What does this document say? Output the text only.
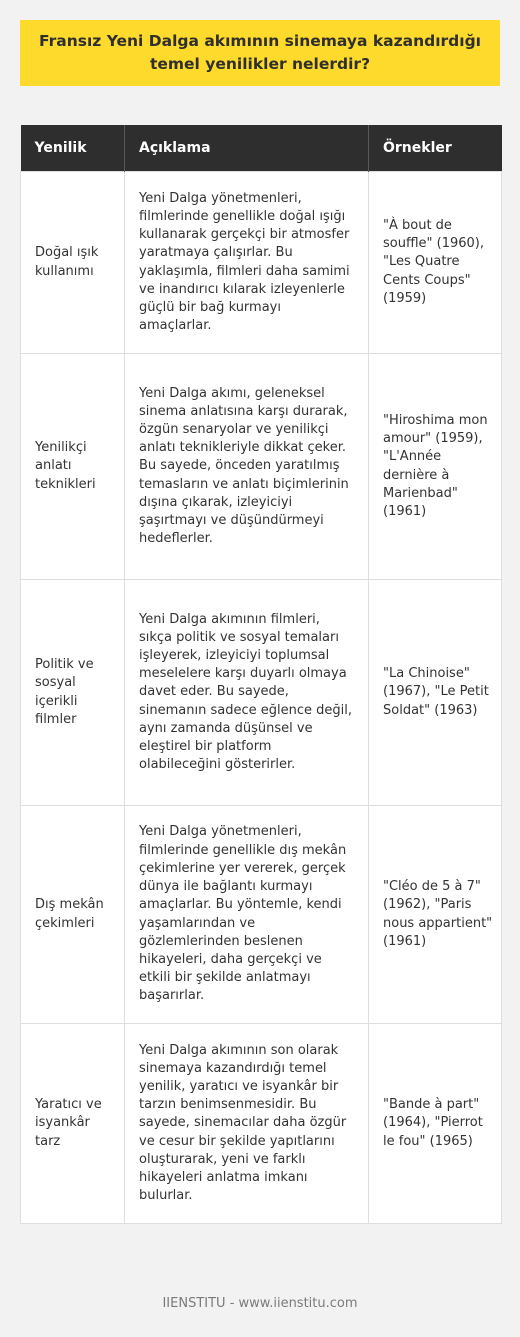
Fransız Yeni Dalga akımının sinemaya kazandırdığı temel yenilikler nelerdir?
Yenilik	Açıklama	Örnekler
Doğal ışık kullanımı	Yeni Dalga yönetmenleri, filmlerinde genellikle doğal ışığı kullanarak gerçekçi bir atmosfer yaratmaya çalışırlar. Bu yaklaşımla, filmleri daha samimi ve inandırıcı kılarak izleyenlerle güçlü bir bağ kurmayı amaçlarlar.	"À bout de souffle" (1960), "Les Quatre Cents Coups" (1959)
Yenilikçi anlatı teknikleri	Yeni Dalga akımı, geleneksel sinema anlatısına karşı durarak, özgün senaryolar ve yenilikçi anlatı teknikleriyle dikkat çeker. Bu sayede, önceden yaratılmış temasların ve anlatı biçimlerinin dışına çıkarak, izleyiciyi şaşırtmayı ve düşündürmeyi hedeflerler.	"Hiroshima mon amour" (1959), "L'Année dernière à Marienbad" (1961)
Politik ve sosyal içerikli filmler	Yeni Dalga akımının filmleri, sıkça politik ve sosyal temaları işleyerek, izleyiciyi toplumsal meselelere karşı duyarlı olmaya davet eder. Bu sayede, sinemanın sadece eğlence değil, aynı zamanda düşünsel ve eleştirel bir platform olabileceğini gösterirler.	"La Chinoise" (1967), "Le Petit Soldat" (1963)
Dış mekân çekimleri	Yeni Dalga yönetmenleri, filmlerinde genellikle dış mekân çekimlerine yer vererek, gerçek dünya ile bağlantı kurmayı amaçlarlar. Bu yöntemle, kendi yaşamlarından ve gözlemlerinden beslenen hikayeleri, daha gerçekçi ve etkili bir şekilde anlatmayı başarırlar.	"Cléo de 5 à 7" (1962), "Paris nous appartient" (1961)
Yaratıcı ve isyankâr tarz	Yeni Dalga akımının son olarak sinemaya kazandırdığı temel yenilik, yaratıcı ve isyankâr bir tarzın benimsenmesidir. Bu sayede, sinemacılar daha özgür ve cesur bir şekilde yapıtlarını oluşturarak, yeni ve farklı hikayeleri anlatma imkanı bulurlar.	"Bande à part" (1964), "Pierrot le fou" (1965)
IIENSTITU - www.iienstitu.com
